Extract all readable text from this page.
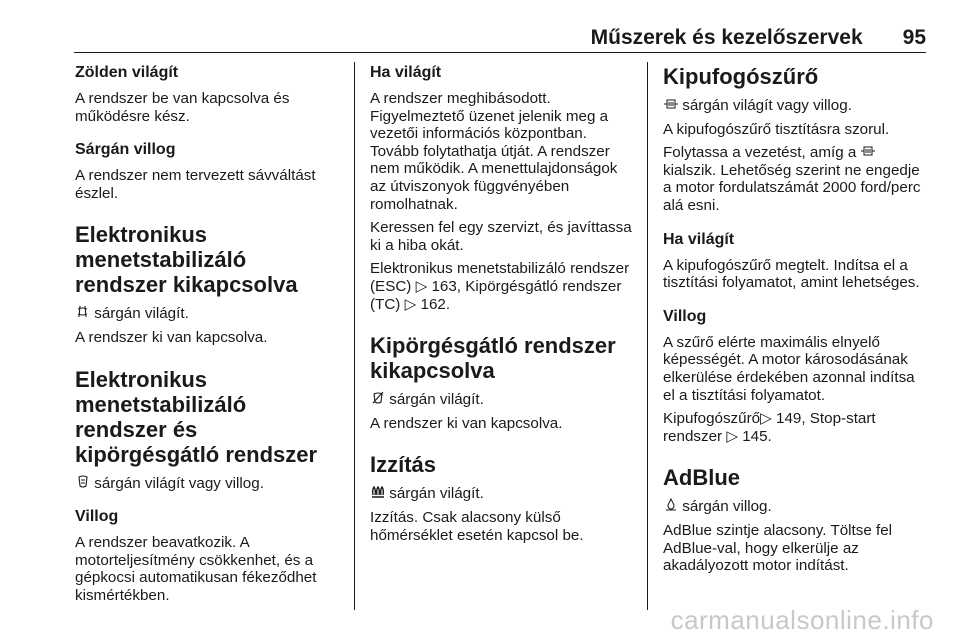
Műszerek és kezelőszervek 95
Zölden világít

A rendszer be van kapcsolva és működésre kész.

Sárgán villog

A rendszer nem tervezett sávváltást észlel.

Elektronikus menetstabilizáló rendszer kikapcsolva

sárgán világít.

A rendszer ki van kapcsolva.

Elektronikus menetstabilizáló rendszer és kipörgésgátló rendszer

sárgán világít vagy villog.

Villog

A rendszer beavatkozik. A motorteljesítmény csökkenhet, és a gépkocsi automatikusan fékeződhet kismértékben.

Ha világít

A rendszer meghibásodott. Figyelmeztető üzenet jelenik meg a vezetői információs központban. Tovább folytathatja útját. A rendszer nem működik. A menettulajdonságok az útviszonyok függvényében romolhatnak.

Keressen fel egy szervizt, és javíttassa ki a hiba okát.

Elektronikus menetstabilizáló rendszer (ESC) ▷ 163, Kipörgésgátló rendszer (TC) ▷ 162.

Kipörgésgátló rendszer kikapcsolva

sárgán világít.

A rendszer ki van kapcsolva.

Izzítás

sárgán világít.

Izzítás. Csak alacsony külső hőmérséklet esetén kapcsol be.

Kipufogószűrő

sárgán világít vagy villog.

A kipufogószűrő tisztításra szorul.

Folytassa a vezetést, amíg a  kialszik. Lehetőség szerint ne engedje a motor fordulatszámát 2000 ford/perc alá esni.

Ha világít

A kipufogószűrő megtelt. Indítsa el a tisztítási folyamatot, amint lehetséges.

Villog

A szűrő elérte maximális elnyelő képességét. A motor károsodásának elkerülése érdekében azonnal indítsa el a tisztítási folyamatot.

Kipufogószűrő▷ 149, Stop-start rendszer ▷ 145.

AdBlue

sárgán villog.

AdBlue szintje alacsony. Töltse fel AdBlue-val, hogy elkerülje az akadályozott motor indítást.

carmanualsonline.info
